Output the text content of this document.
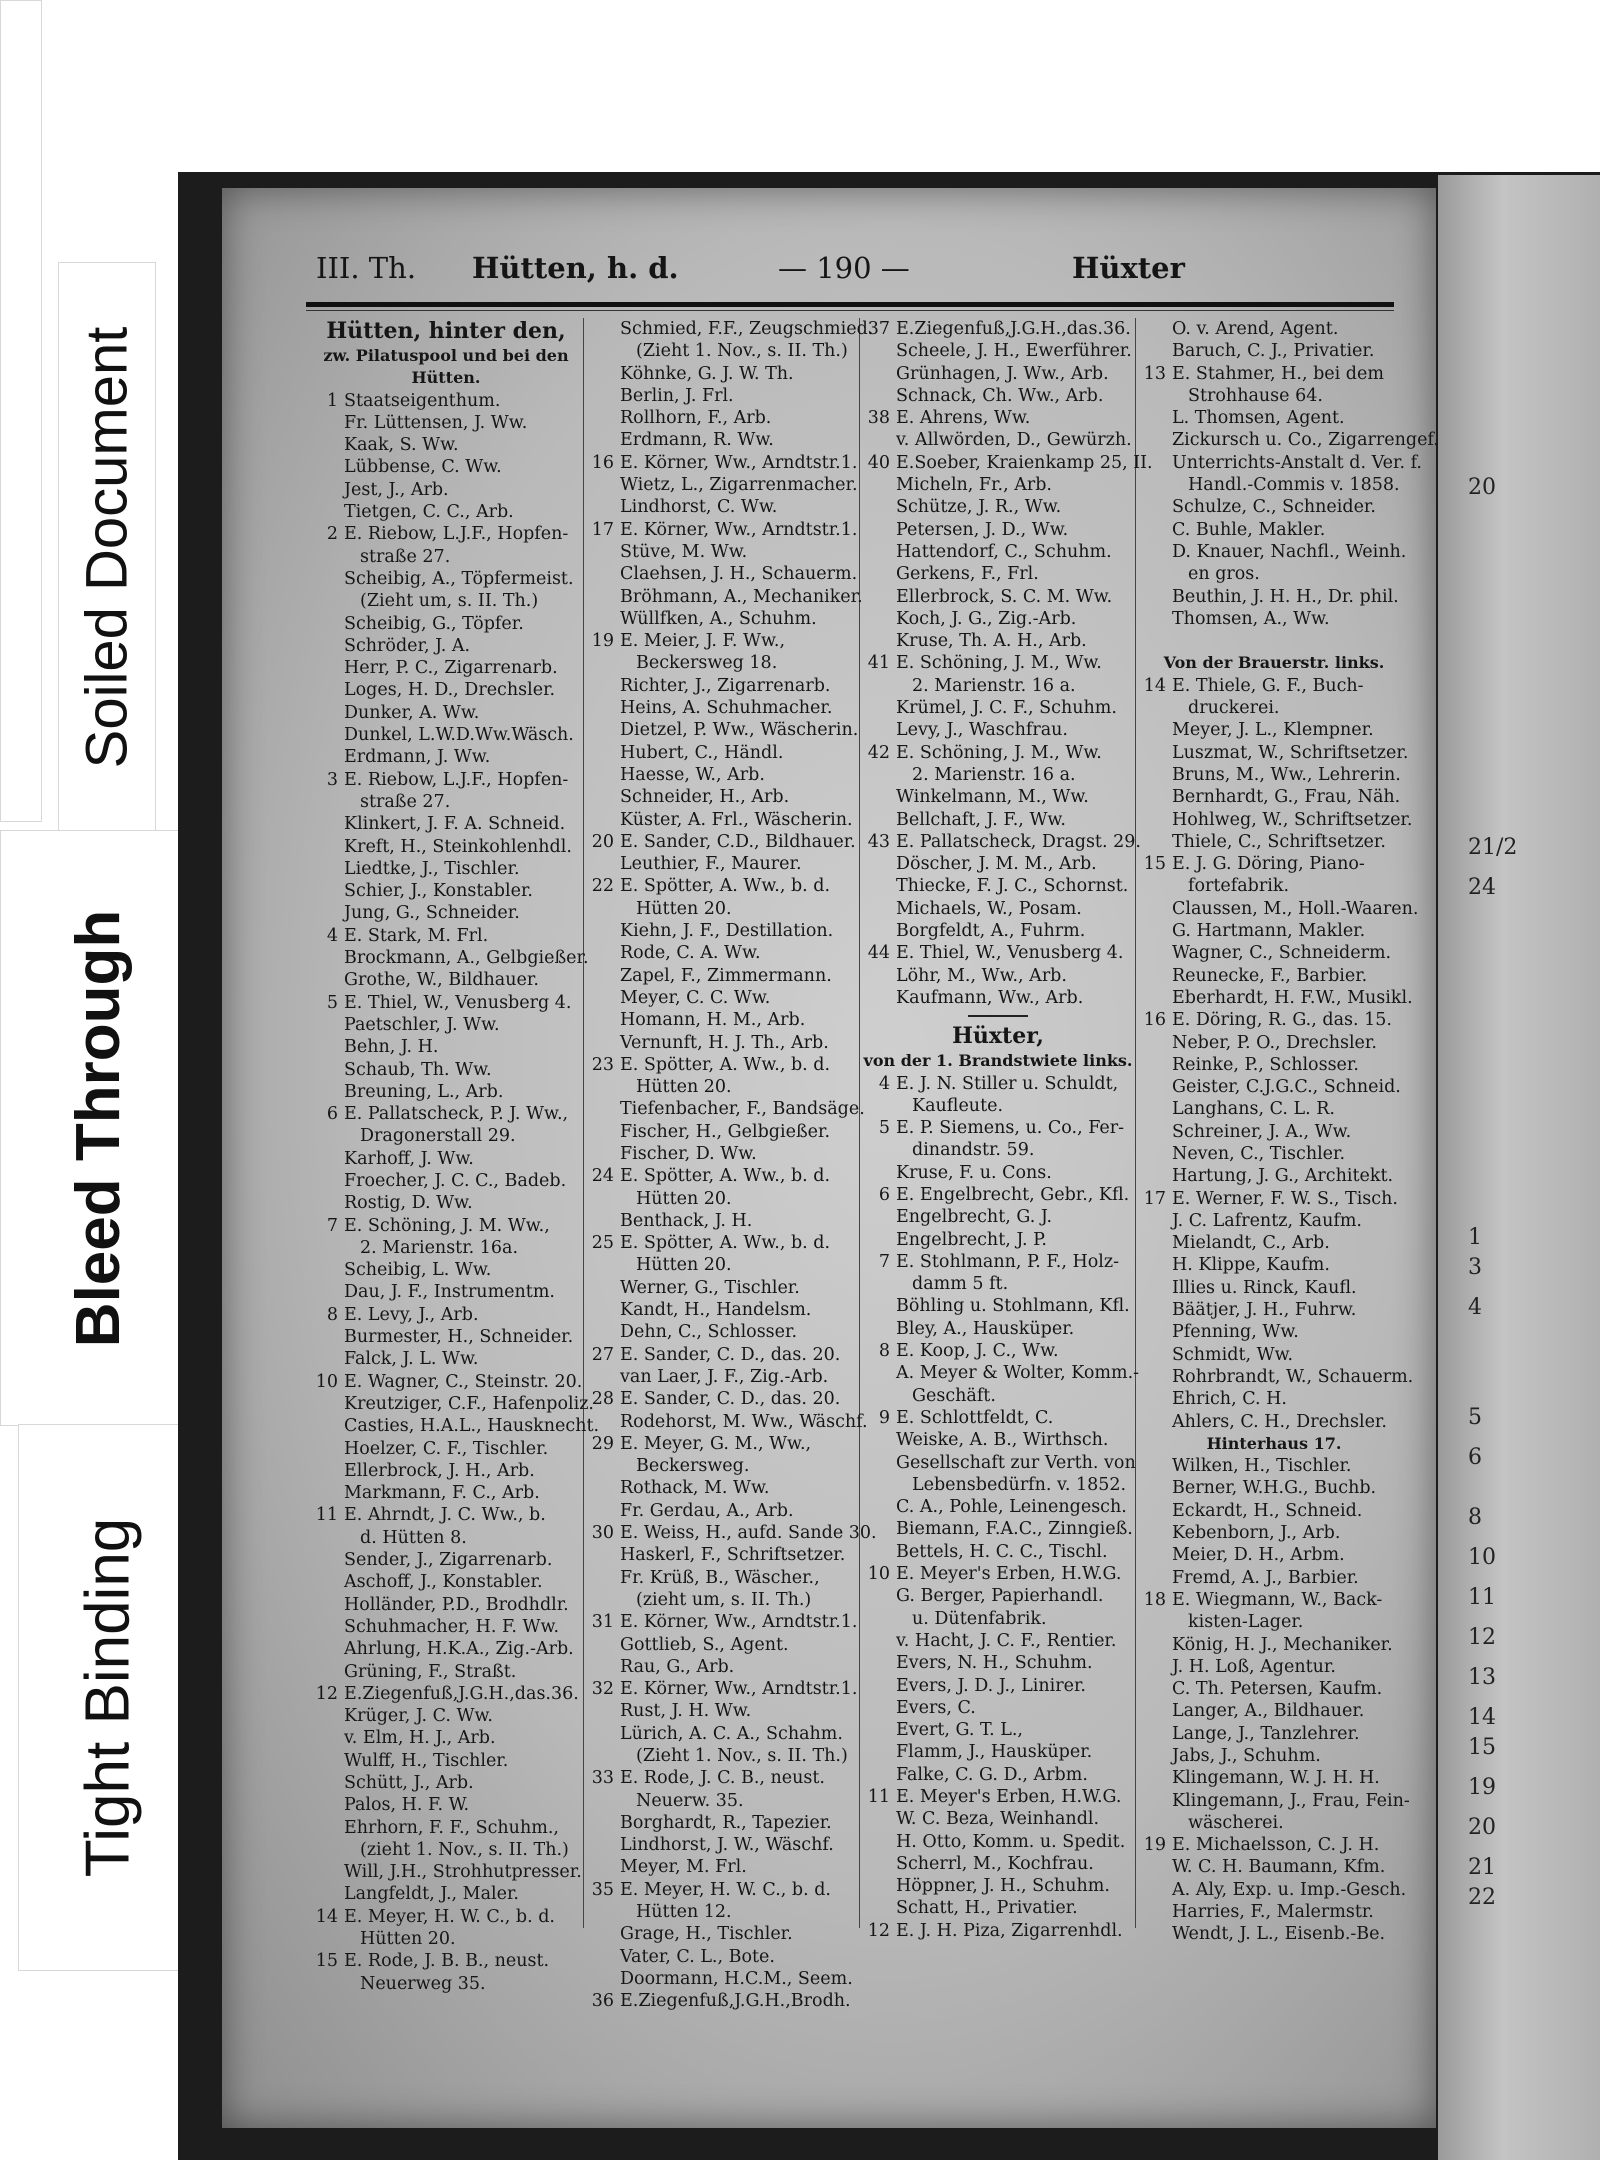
Soiled Document
Bleed Through
Tight Binding
20
21/2
24
1
3
4
5
6
8
10
11
12
13
14
15
19
20
21
22
III. Th. Hütten, h. d.	— 190 —	Hüxter
Hütten, hinter den,
zw. Pilatuspool und bei den
Hütten.
1 Staatseigenthum.
Fr. Lüttensen, J. Ww.
Kaak, S. Ww.
Lübbense, C. Ww.
Jest, J., Arb.
Tietgen, C. C., Arb.
2 E. Riebow, L.J.F., Hopfen-
straße 27.
Scheibig, A., Töpfermeist.
(Zieht um, s. II. Th.)
Scheibig, G., Töpfer.
Schröder, J. A.
Herr, P. C., Zigarrenarb.
Loges, H. D., Drechsler.
Dunker, A. Ww.
Dunkel, L.W.D.Ww.Wäsch.
Erdmann, J. Ww.
3 E. Riebow, L.J.F., Hopfen-
straße 27.
Klinkert, J. F. A. Schneid.
Kreft, H., Steinkohlenhdl.
Liedtke, J., Tischler.
Schier, J., Konstabler.
Jung, G., Schneider.
4 E. Stark, M. Frl.
Brockmann, A., Gelbgießer.
Grothe, W., Bildhauer.
5 E. Thiel, W., Venusberg 4.
Paetschler, J. Ww.
Behn, J. H.
Schaub, Th. Ww.
Breuning, L., Arb.
6 E. Pallatscheck, P. J. Ww.,
Dragonerstall 29.
Karhoff, J. Ww.
Froecher, J. C. C., Badeb.
Rostig, D. Ww.
7 E. Schöning, J. M. Ww.,
2. Marienstr. 16a.
Scheibig, L. Ww.
Dau, J. F., Instrumentm.
8 E. Levy, J., Arb.
Burmester, H., Schneider.
Falck, J. L. Ww.
10 E. Wagner, C., Steinstr. 20.
Kreutziger, C.F., Hafenpoliz.
Casties, H.A.L., Hausknecht.
Hoelzer, C. F., Tischler.
Ellerbrock, J. H., Arb.
Markmann, F. C., Arb.
11 E. Ahrndt, J. C. Ww., b.
d. Hütten 8.
Sender, J., Zigarrenarb.
Aschoff, J., Konstabler.
Holländer, P.D., Brodhdlr.
Schuhmacher, H. F. Ww.
Ahrlung, H.K.A., Zig.-Arb.
Grüning, F., Straßt.
12 E.Ziegenfuß,J.G.H.,das.36.
Krüger, J. C. Ww.
v. Elm, H. J., Arb.
Wulff, H., Tischler.
Schütt, J., Arb.
Palos, H. F. W.
Ehrhorn, F. F., Schuhm.,
(zieht 1. Nov., s. II. Th.)
Will, J.H., Strohhutpresser.
Langfeldt, J., Maler.
14 E. Meyer, H. W. C., b. d.
Hütten 20.
15 E. Rode, J. B. B., neust.
Neuerweg 35.
Schmied, F.F., Zeugschmied.
(Zieht 1. Nov., s. II. Th.)
Köhnke, G. J. W. Th.
Berlin, J. Frl.
Rollhorn, F., Arb.
Erdmann, R. Ww.
16 E. Körner, Ww., Arndtstr.1.
Wietz, L., Zigarrenmacher.
Lindhorst, C. Ww.
17 E. Körner, Ww., Arndtstr.1.
Stüve, M. Ww.
Claehsen, J. H., Schauerm.
Bröhmann, A., Mechaniker.
Wüllfken, A., Schuhm.
19 E. Meier, J. F. Ww.,
Beckersweg 18.
Richter, J., Zigarrenarb.
Heins, A. Schuhmacher.
Dietzel, P. Ww., Wäscherin.
Hubert, C., Händl.
Haesse, W., Arb.
Schneider, H., Arb.
Küster, A. Frl., Wäscherin.
20 E. Sander, C.D., Bildhauer.
Leuthier, F., Maurer.
22 E. Spötter, A. Ww., b. d.
Hütten 20.
Kiehn, J. F., Destillation.
Rode, C. A. Ww.
Zapel, F., Zimmermann.
Meyer, C. C. Ww.
Homann, H. M., Arb.
Vernunft, H. J. Th., Arb.
23 E. Spötter, A. Ww., b. d.
Hütten 20.
Tiefenbacher, F., Bandsäge.
Fischer, H., Gelbgießer.
Fischer, D. Ww.
24 E. Spötter, A. Ww., b. d.
Hütten 20.
Benthack, J. H.
25 E. Spötter, A. Ww., b. d.
Hütten 20.
Werner, G., Tischler.
Kandt, H., Handelsm.
Dehn, C., Schlosser.
27 E. Sander, C. D., das. 20.
van Laer, J. F., Zig.-Arb.
28 E. Sander, C. D., das. 20.
Rodehorst, M. Ww., Wäschf.
29 E. Meyer, G. M., Ww.,
Beckersweg.
Rothack, M. Ww.
Fr. Gerdau, A., Arb.
30 E. Weiss, H., aufd. Sande 30.
Haskerl, F., Schriftsetzer.
Fr. Krüß, B., Wäscher.,
(zieht um, s. II. Th.)
31 E. Körner, Ww., Arndtstr.1.
Gottlieb, S., Agent.
Rau, G., Arb.
32 E. Körner, Ww., Arndtstr.1.
Rust, J. H. Ww.
Lürich, A. C. A., Schahm.
(Zieht 1. Nov., s. II. Th.)
33 E. Rode, J. C. B., neust.
Neuerw. 35.
Borghardt, R., Tapezier.
Lindhorst, J. W., Wäschf.
Meyer, M. Frl.
35 E. Meyer, H. W. C., b. d.
Hütten 12.
Grage, H., Tischler.
Vater, C. L., Bote.
Doormann, H.C.M., Seem.
36 E.Ziegenfuß,J.G.H.,Brodh.
37 E.Ziegenfuß,J.G.H.,das.36.
Scheele, J. H., Ewerführer.
Grünhagen, J. Ww., Arb.
Schnack, Ch. Ww., Arb.
38 E. Ahrens, Ww.
v. Allwörden, D., Gewürzh.
40 E.Soeber, Kraienkamp 25, II.
Micheln, Fr., Arb.
Schütze, J. R., Ww.
Petersen, J. D., Ww.
Hattendorf, C., Schuhm.
Gerkens, F., Frl.
Ellerbrock, S. C. M. Ww.
Koch, J. G., Zig.-Arb.
Kruse, Th. A. H., Arb.
41 E. Schöning, J. M., Ww.
2. Marienstr. 16 a.
Krümel, J. C. F., Schuhm.
Levy, J., Waschfrau.
42 E. Schöning, J. M., Ww.
2. Marienstr. 16 a.
Winkelmann, M., Ww.
Bellchaft, J. F., Ww.
43 E. Pallatscheck, Dragst. 29.
Döscher, J. M. M., Arb.
Thiecke, F. J. C., Schornst.
Michaels, W., Posam.
Borgfeldt, A., Fuhrm.
44 E. Thiel, W., Venusberg 4.
Löhr, M., Ww., Arb.
Kaufmann, Ww., Arb.
Hüxter,
von der 1. Brandstwiete links.
4 E. J. N. Stiller u. Schuldt,
Kaufleute.
5 E. P. Siemens, u. Co., Fer-
dinandstr. 59.
Kruse, F. u. Cons.
6 E. Engelbrecht, Gebr., Kfl.
Engelbrecht, G. J.
Engelbrecht, J. P.
7 E. Stohlmann, P. F., Holz-
damm 5 ft.
Böhling u. Stohlmann, Kfl.
Bley, A., Hausküper.
8 E. Koop, J. C., Ww.
A. Meyer & Wolter, Komm.-
Geschäft.
9 E. Schlottfeldt, C.
Weiske, A. B., Wirthsch.
Gesellschaft zur Verth. von
Lebensbedürfn. v. 1852.
C. A., Pohle, Leinengesch.
Biemann, F.A.C., Zinngieß.
Bettels, H. C. C., Tischl.
10 E. Meyer's Erben, H.W.G.
G. Berger, Papierhandl.
u. Dütenfabrik.
v. Hacht, J. C. F., Rentier.
Evers, N. H., Schuhm.
Evers, J. D. J., Linirer.
Evers, C.
Evert, G. T. L.,
Flamm, J., Hausküper.
Falke, C. G. D., Arbm.
11 E. Meyer's Erben, H.W.G.
W. C. Beza, Weinhandl.
H. Otto, Komm. u. Spedit.
Scherrl, M., Kochfrau.
Höppner, J. H., Schuhm.
Schatt, H., Privatier.
12 E. J. H. Piza, Zigarrenhdl.
O. v. Arend, Agent.
Baruch, C. J., Privatier.
13 E. Stahmer, H., bei dem
Strohhause 64.
L. Thomsen, Agent.
Zickursch u. Co., Zigarrengef.
Unterrichts-Anstalt d. Ver. f.
Handl.-Commis v. 1858.
Schulze, C., Schneider.
C. Buhle, Makler.
D. Knauer, Nachfl., Weinh.
en gros.
Beuthin, J. H. H., Dr. phil.
Thomsen, A., Ww.

Von der Brauerstr. links.
14 E. Thiele, G. F., Buch-
druckerei.
Meyer, J. L., Klempner.
Luszmat, W., Schriftsetzer.
Bruns, M., Ww., Lehrerin.
Bernhardt, G., Frau, Näh.
Hohlweg, W., Schriftsetzer.
Thiele, C., Schriftsetzer.
15 E. J. G. Döring, Piano-
fortefabrik.
Claussen, M., Holl.-Waaren.
G. Hartmann, Makler.
Wagner, C., Schneiderm.
Reunecke, F., Barbier.
Eberhardt, H. F.W., Musikl.
16 E. Döring, R. G., das. 15.
Neber, P. O., Drechsler.
Reinke, P., Schlosser.
Geister, C.J.G.C., Schneid.
Langhans, C. L. R.
Schreiner, J. A., Ww.
Neven, C., Tischler.
Hartung, J. G., Architekt.
17 E. Werner, F. W. S., Tisch.
J. C. Lafrentz, Kaufm.
Mielandt, C., Arb.
H. Klippe, Kaufm.
Illies u. Rinck, Kaufl.
Bäätjer, J. H., Fuhrw.
Pfenning, Ww.
Schmidt, Ww.
Rohrbrandt, W., Schauerm.
Ehrich, C. H.
Ahlers, C. H., Drechsler.
Hinterhaus 17.
Wilken, H., Tischler.
Berner, W.H.G., Buchb.
Eckardt, H., Schneid.
Kebenborn, J., Arb.
Meier, D. H., Arbm.
Fremd, A. J., Barbier.
18 E. Wiegmann, W., Back-
kisten-Lager.
König, H. J., Mechaniker.
J. H. Loß, Agentur.
C. Th. Petersen, Kaufm.
Langer, A., Bildhauer.
Lange, J., Tanzlehrer.
Jabs, J., Schuhm.
Klingemann, W. J. H. H.
Klingemann, J., Frau, Fein-
wäscherei.
19 E. Michaelsson, C. J. H.
W. C. H. Baumann, Kfm.
A. Aly, Exp. u. Imp.-Gesch.
Harries, F., Malermstr.
Wendt, J. L., Eisenb.-Be.
